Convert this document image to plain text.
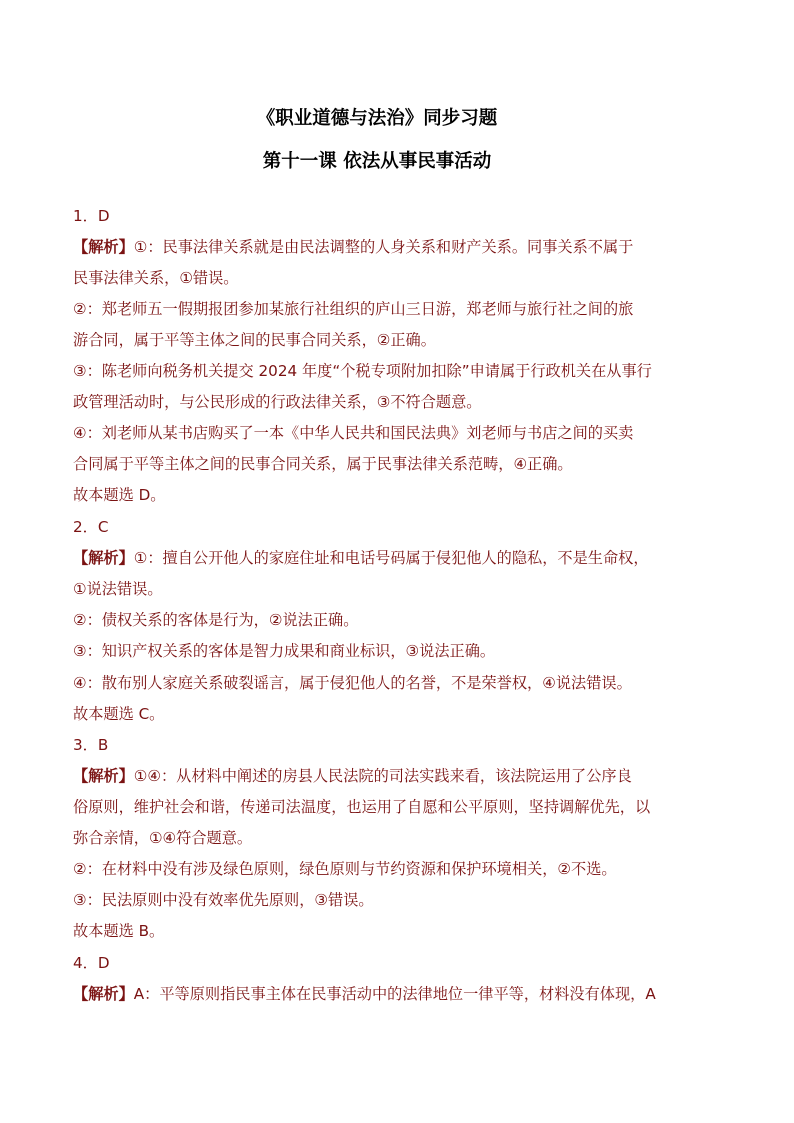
《职业道德与法治》同步习题
第十一课 依法从事民事活动
1．D
【解析】①：民事法律关系就是由民法调整的人身关系和财产关系。同事关系不属于
民事法律关系，①错误。
②：郑老师五一假期报团参加某旅行社组织的庐山三日游，郑老师与旅行社之间的旅
游合同，属于平等主体之间的民事合同关系，②正确。
③：陈老师向税务机关提交 2024 年度“个税专项附加扣除”申请属于行政机关在从事行
政管理活动时，与公民形成的行政法律关系，③不符合题意。
④：刘老师从某书店购买了一本《中华人民共和国民法典》刘老师与书店之间的买卖
合同属于平等主体之间的民事合同关系，属于民事法律关系范畴，④正确。
故本题选 D。
2．C
【解析】①：擅自公开他人的家庭住址和电话号码属于侵犯他人的隐私，不是生命权，
①说法错误。
②：债权关系的客体是行为，②说法正确。
③：知识产权关系的客体是智力成果和商业标识，③说法正确。
④：散布别人家庭关系破裂谣言，属于侵犯他人的名誉，不是荣誉权，④说法错误。
故本题选 C。
3．B
【解析】①④：从材料中阐述的房县人民法院的司法实践来看，该法院运用了公序良
俗原则，维护社会和谐，传递司法温度，也运用了自愿和公平原则，坚持调解优先，以
弥合亲情，①④符合题意。
②：在材料中没有涉及绿色原则，绿色原则与节约资源和保护环境相关，②不选。
③：民法原则中没有效率优先原则，③错误。
故本题选 B。
4．D
【解析】A：平等原则指民事主体在民事活动中的法律地位一律平等，材料没有体现，A
